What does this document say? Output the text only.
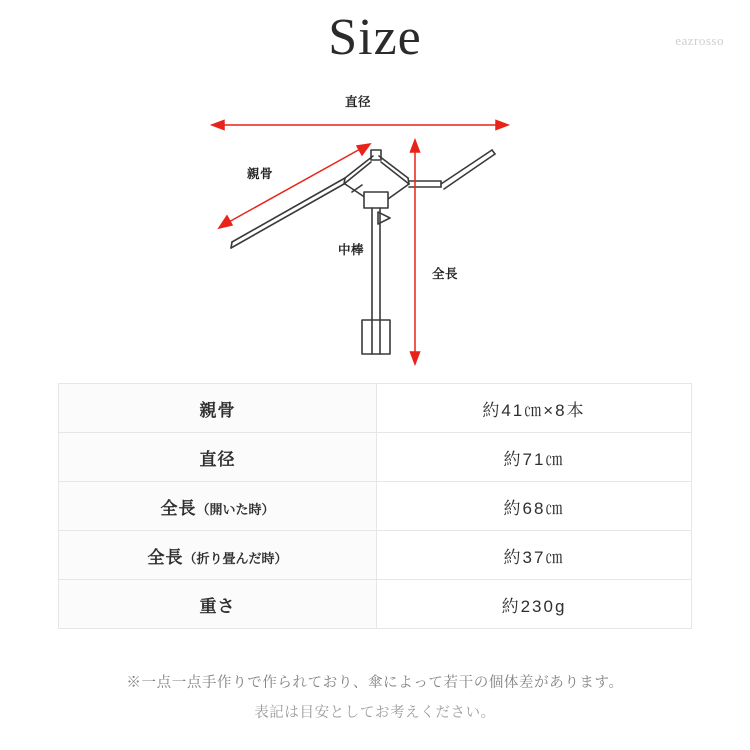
Size	eazrosso
直径
親骨
中棒
全長
親骨	約41㎝×8本
直径	約71㎝
全長（開いた時）	約68㎝
全長（折り畳んだ時）	約37㎝
重さ	約230g
※一点一点手作りで作られており、傘によって若干の個体差があります。
表記は目安としてお考えください。
